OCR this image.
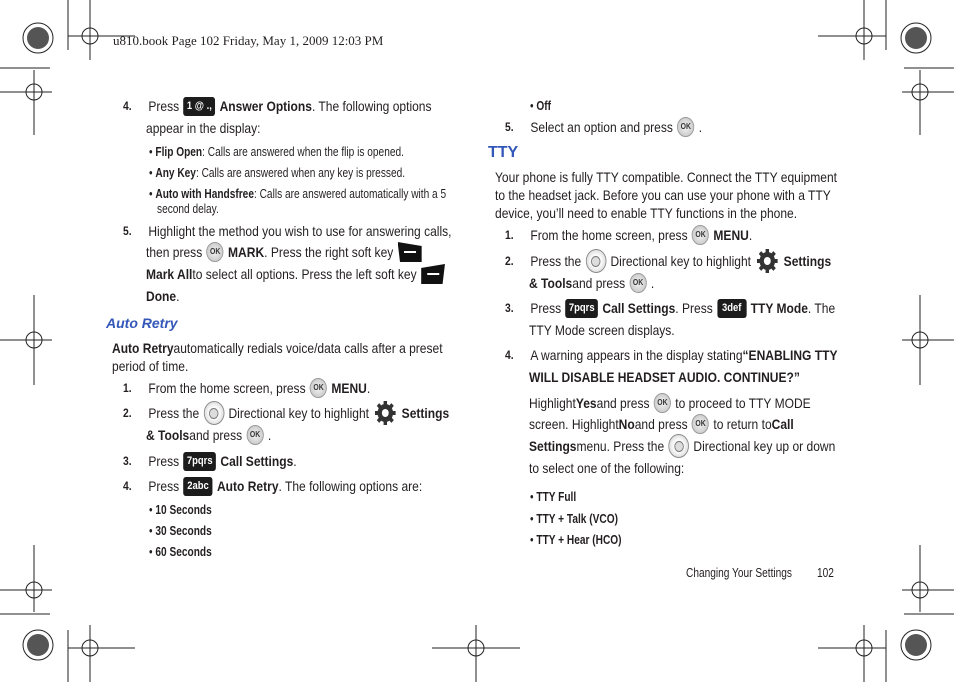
u810.book Page 102 Friday, May 1, 2009 12:03 PM
4.
Press 1 @ ., Answer Options . The following options
appear in the display:
• Flip Open : Calls are answered when the flip is opened.
• Any Key : Calls are answered when any key is pressed.
• Auto with Handsfree : Calls are answered automatically with a 5
second delay.
5.
Highlight the method you wish to use for answering calls,
then press OK MARK . Press the right soft key
Mark All to select all options. Press the left soft key
Done .
Auto Retry
Auto Retry automatically redials voice/data calls after a preset
period of time.
1.
From the home screen, press OK MENU .
2.
Press the Directional key to highlight Settings
& Tools and press OK .
3.
Press 7pqrs Call Settings .
4.
Press 2abc Auto Retry . The following options are:
• 10 Seconds
• 30 Seconds
• 60 Seconds
• Off
5.
Select an option and press OK .
TTY
Your phone is fully TTY compatible. Connect the TTY equipment
to the headset jack. Before you can use your phone with a TTY
device, you’ll need to enable TTY functions in the phone.
1.
From the home screen, press OK MENU .
2.
Press the Directional key to highlight Settings
& Tools and press OK .
3.
Press 7pqrs Call Settings . Press 3def TTY Mode . The
TTY Mode screen displays.
4.
A warning appears in the display stating “ENABLING TTY
WILL DISABLE HEADSET AUDIO. CONTINUE?”
Highlight Yes and press OK to proceed to TTY MODE
screen. Highlight No and press OK to return to Call
Settings menu. Press the Directional key up or down
to select one of the following:
• TTY Full
• TTY + Talk (VCO)
• TTY + Hear (HCO)
Changing Your Settings 102
